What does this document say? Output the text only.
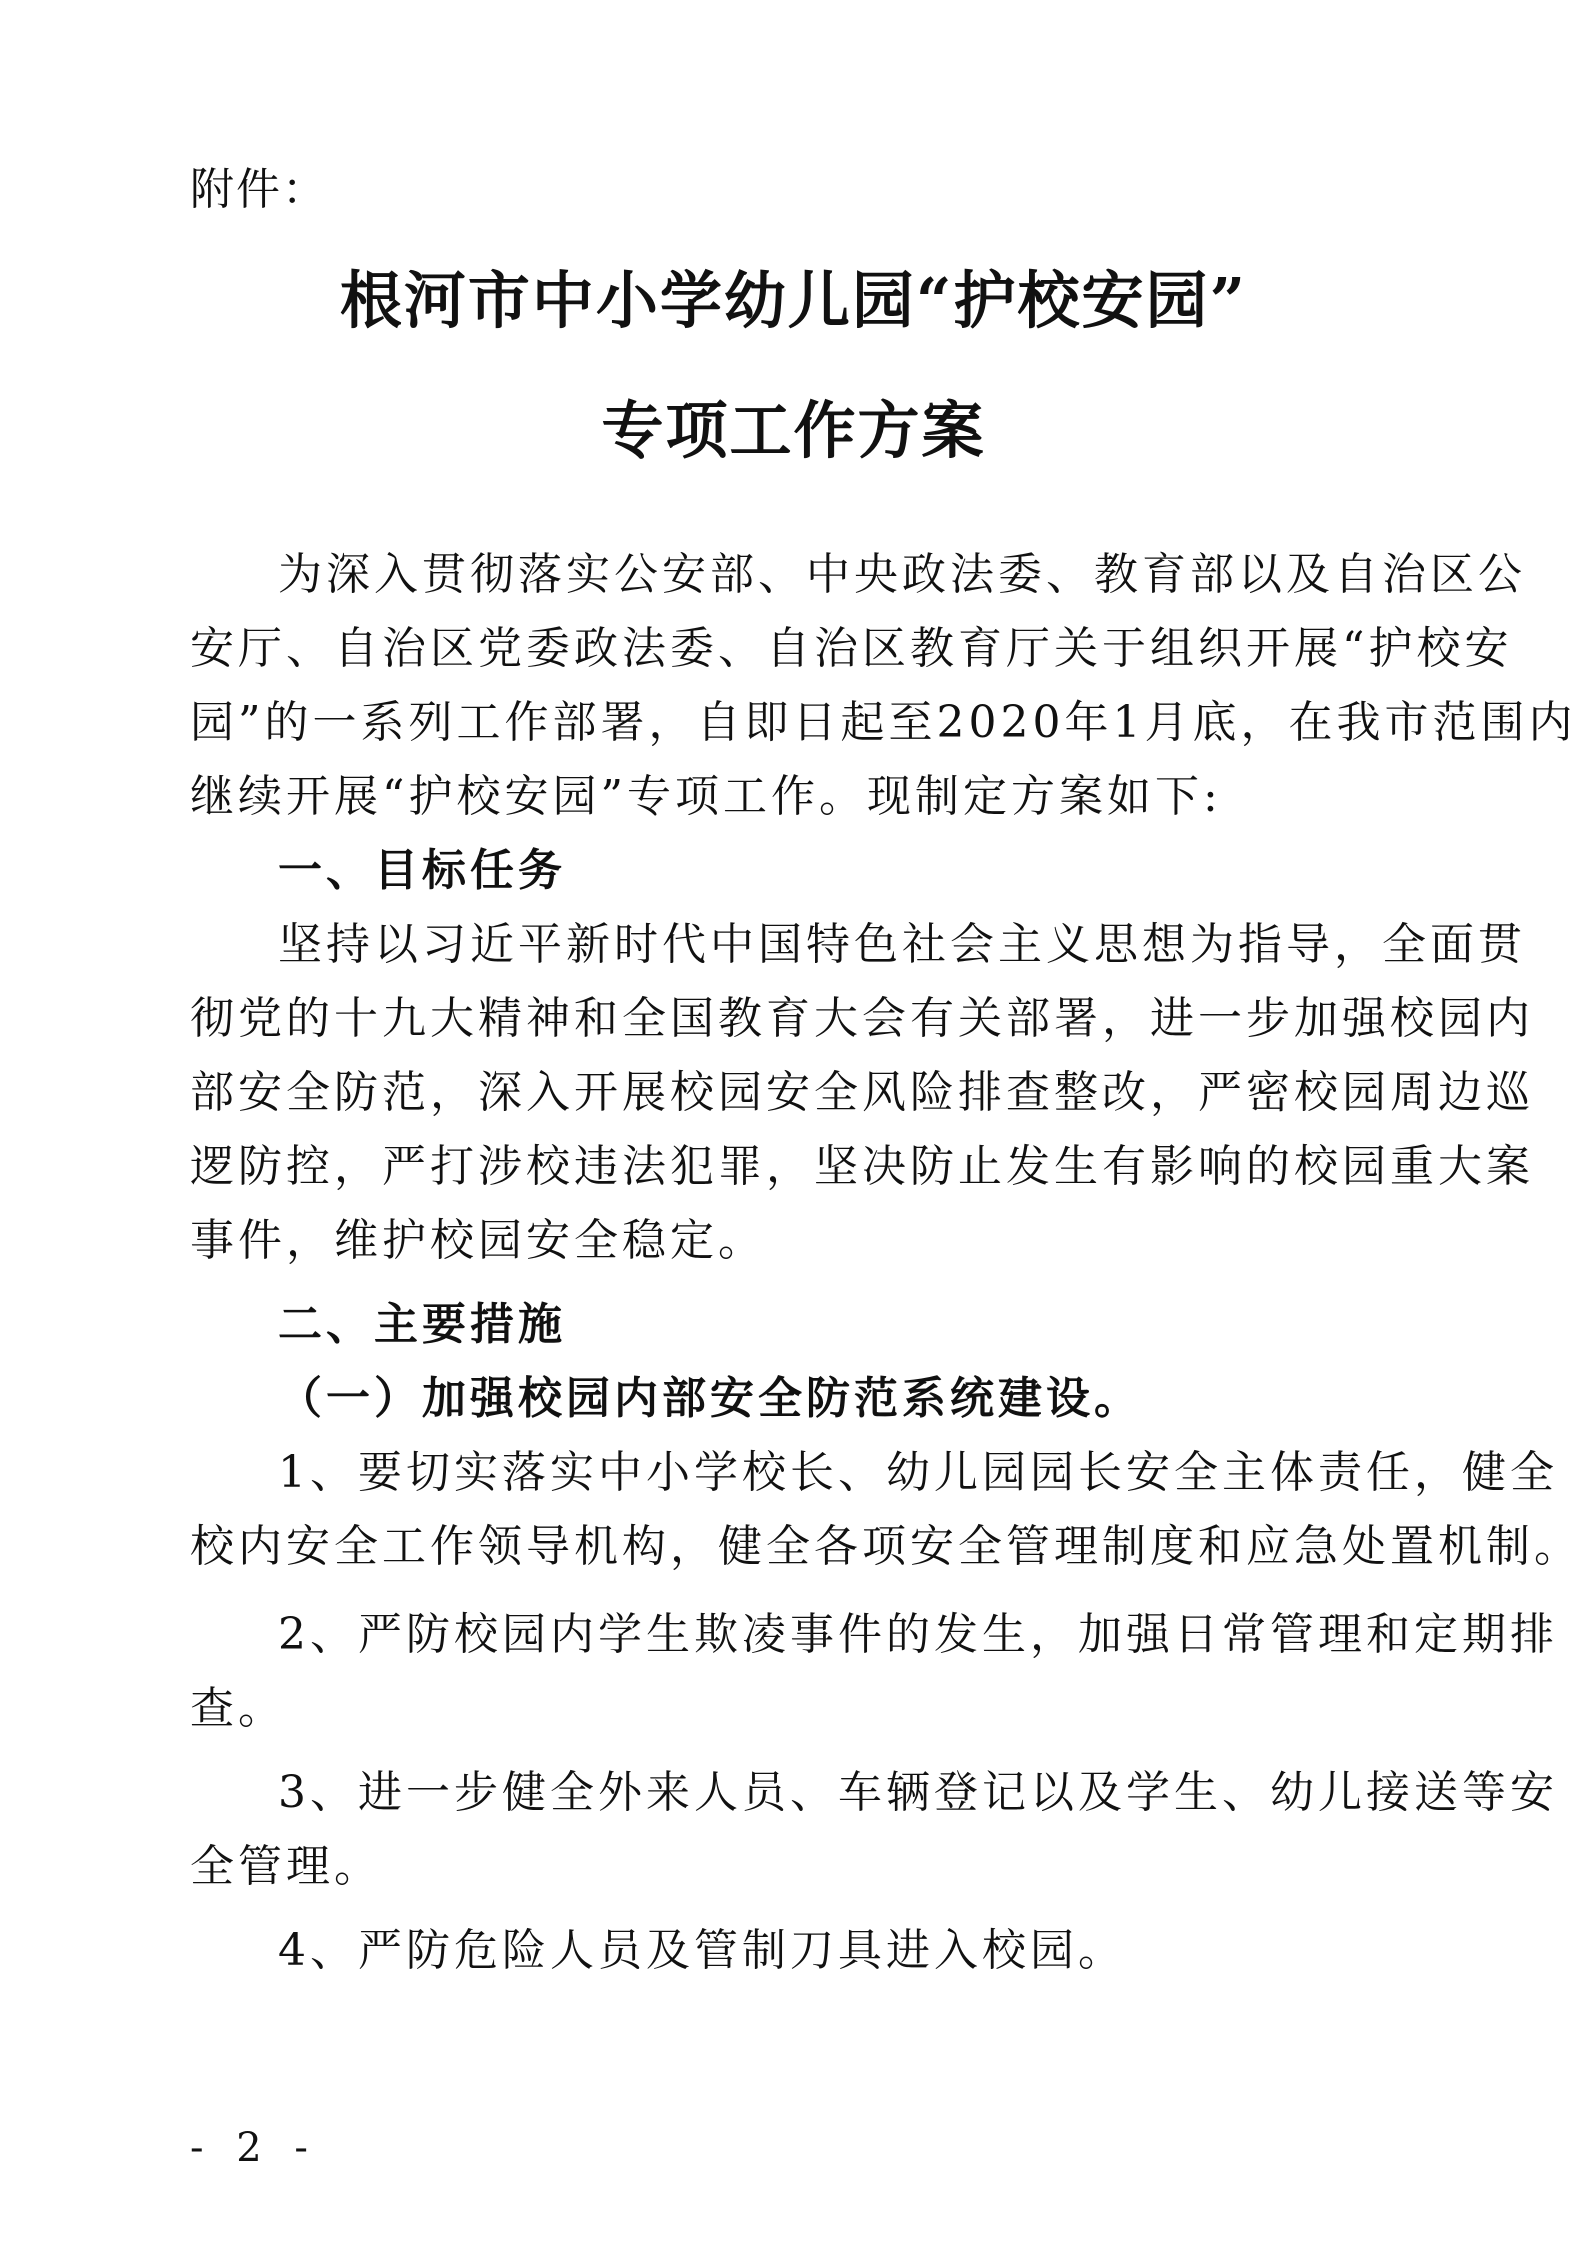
附件：
根河市中小学幼儿园“护校安园”
专项工作方案
为深入贯彻落实公安部、中央政法委、教育部以及自治区公
安厅、自治区党委政法委、自治区教育厅关于组织开展“护校安
园”的一系列工作部署，自即日起至2020年1月底，在我市范围内
继续开展“护校安园”专项工作。现制定方案如下:
一、目标任务
坚持以习近平新时代中国特色社会主义思想为指导，全面贯
彻党的十九大精神和全国教育大会有关部署，进一步加强校园内
部安全防范，深入开展校园安全风险排查整改，严密校园周边巡
逻防控，严打涉校违法犯罪，坚决防止发生有影响的校园重大案
事件，维护校园安全稳定。
二、主要措施
（一）加强校园内部安全防范系统建设。
1、要切实落实中小学校长、幼儿园园长安全主体责任，健全
校内安全工作领导机构，健全各项安全管理制度和应急处置机制。
2、严防校园内学生欺凌事件的发生，加强日常管理和定期排
查。
3、进一步健全外来人员、车辆登记以及学生、幼儿接送等安
全管理。
4、严防危险人员及管制刀具进入校园。
- 2 -
